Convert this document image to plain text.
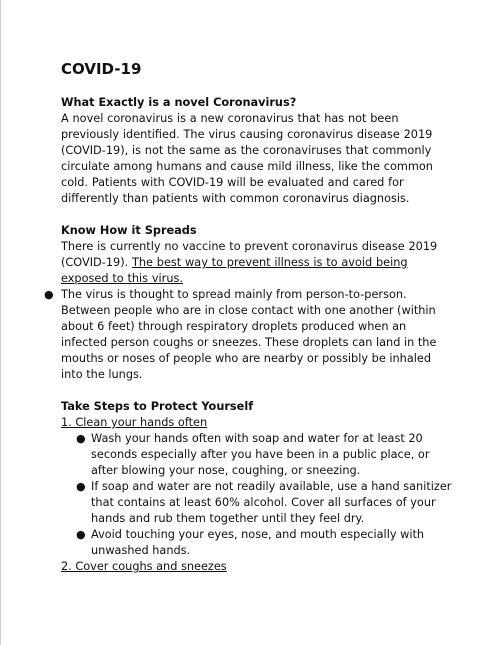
COVID-19
What Exactly is a novel Coronavirus?

A novel coronavirus is a new coronavirus that has not been previously identified. The virus causing coronavirus disease 2019 (COVID-19), is not the same as the coronaviruses that commonly circulate among humans and cause mild illness, like the common cold. Patients with COVID-19 will be evaluated and cared for differently than patients with common coronavirus diagnosis.

Know How it Spreads

There is currently no vaccine to prevent coronavirus disease 2019 (COVID-19). The best way to prevent illness is to avoid being exposed to this virus.

● The virus is thought to spread mainly from person-to-person. Between people who are in close contact with one another (within about 6 feet) through respiratory droplets produced when an infected person coughs or sneezes. These droplets can land in the mouths or noses of people who are nearby or possibly be inhaled into the lungs.
Take Steps to Protect Yourself
1. Clean your hands often
● Wash your hands often with soap and water for at least 20 seconds especially after you have been in a public place, or after blowing your nose, coughing, or sneezing.
● If soap and water are not readily available, use a hand sanitizer that contains at least 60% alcohol. Cover all surfaces of your hands and rub them together until they feel dry.
● Avoid touching your eyes, nose, and mouth especially with unwashed hands.
2. Cover coughs and sneezes
